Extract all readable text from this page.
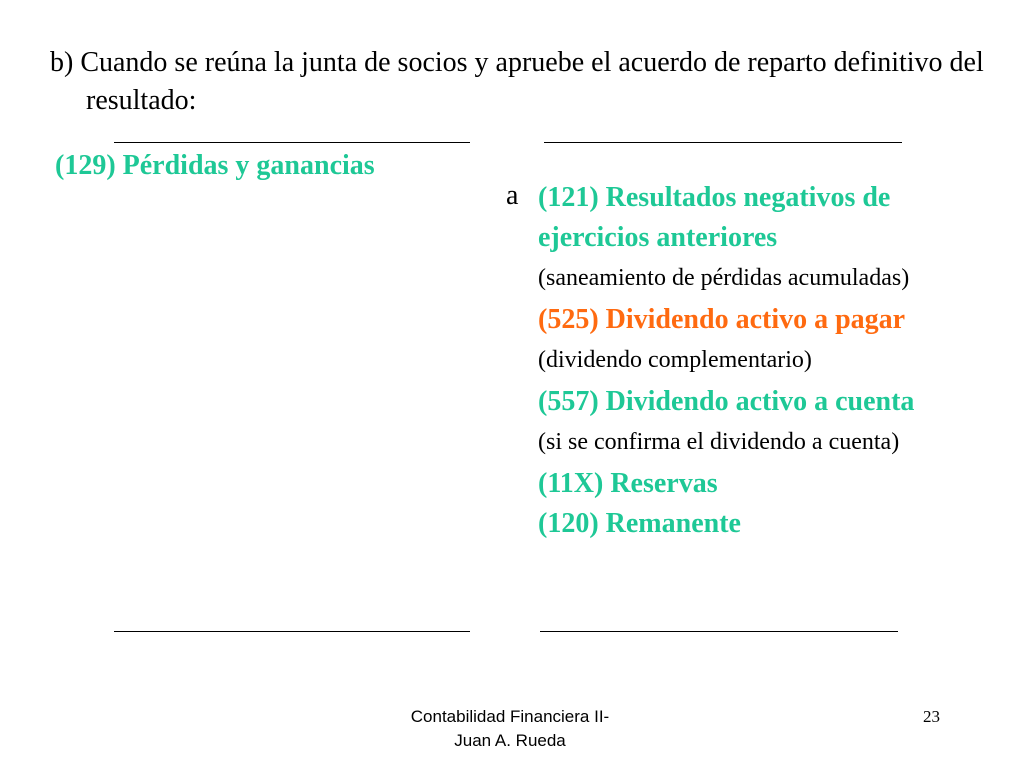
b) Cuando se reúna la junta de socios y apruebe el acuerdo de reparto definitivo del resultado:

(129) Pérdidas y ganancias
a (121) Resultados negativos de ejercicios anteriores
(saneamiento de pérdidas acumuladas)
(525) Dividendo activo a pagar
(dividendo complementario)
(557) Dividendo activo a cuenta
(si se confirma el dividendo a cuenta)
(11X) Reservas
(120) Remanente
Contabilidad Financiera II-
Juan A. Rueda
23
